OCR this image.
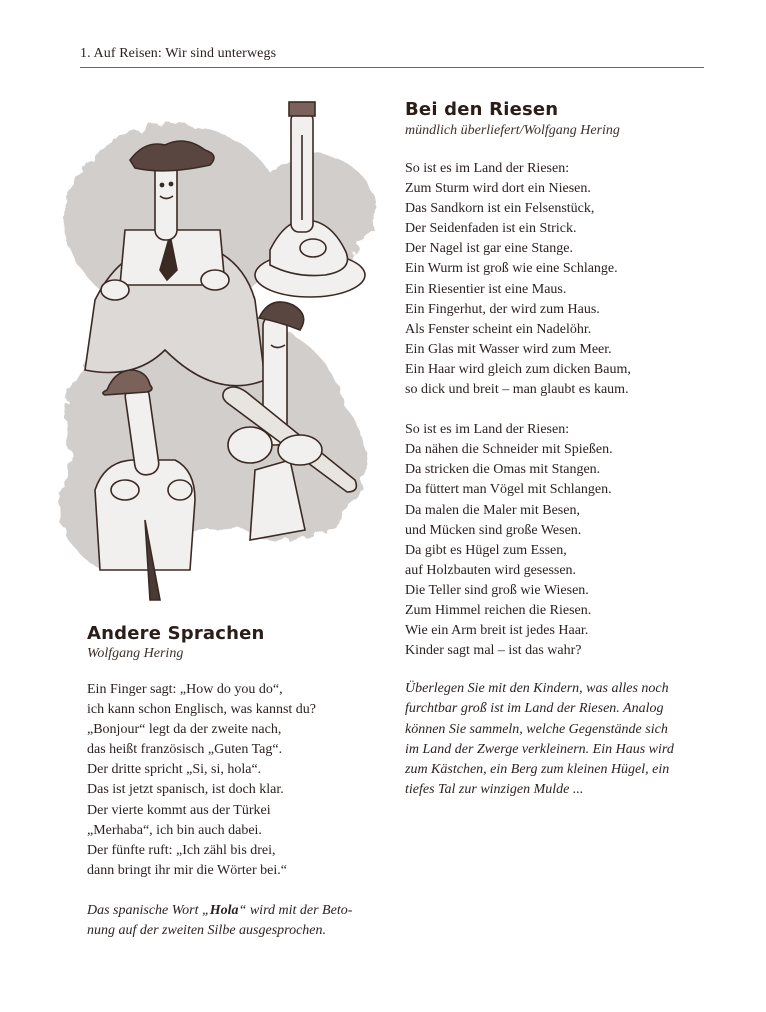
1. Auf Reisen: Wir sind unterwegs
Bei den Riesen

mündlich überliefert/Wolfgang Hering

So ist es im Land der Riesen:
Zum Sturm wird dort ein Niesen.
Das Sandkorn ist ein Felsenstück,
Der Seidenfaden ist ein Strick.
Der Nagel ist gar eine Stange.
Ein Wurm ist groß wie eine Schlange.
Ein Riesentier ist eine Maus.
Ein Fingerhut, der wird zum Haus.
Als Fenster scheint ein Nadelöhr.
Ein Glas mit Wasser wird zum Meer.
Ein Haar wird gleich zum dicken Baum,
so dick und breit – man glaubt es kaum.
So ist es im Land der Riesen:
Da nähen die Schneider mit Spießen.
Da stricken die Omas mit Stangen.
Da füttert man Vögel mit Schlangen.
Da malen die Maler mit Besen,
und Mücken sind große Wesen.
Da gibt es Hügel zum Essen,
auf Holzbauten wird gesessen.
Die Teller sind groß wie Wiesen.
Zum Himmel reichen die Riesen.
Wie ein Arm breit ist jedes Haar.
Kinder sagt mal – ist das wahr?
Überlegen Sie mit den Kindern, was alles noch
furchtbar groß ist im Land der Riesen. Analog
können Sie sammeln, welche Gegenstände sich
im Land der Zwerge verkleinern. Ein Haus wird
zum Kästchen, ein Berg zum kleinen Hügel, ein
tiefes Tal zur winzigen Mulde ...
Andere Sprachen

Wolfgang Hering

Ein Finger sagt: „How do you do“,
ich kann schon Englisch, was kannst du?
„Bonjour“ legt da der zweite nach,
das heißt französisch „Guten Tag“.
Der dritte spricht „Si, si, hola“.
Das ist jetzt spanisch, ist doch klar.
Der vierte kommt aus der Türkei
„Merhaba“, ich bin auch dabei.
Der fünfte ruft: „Ich zähl bis drei,
dann bringt ihr mir die Wörter bei.“
Das spanische Wort „Hola“ wird mit der Beto-
nung auf der zweiten Silbe ausgesprochen.
